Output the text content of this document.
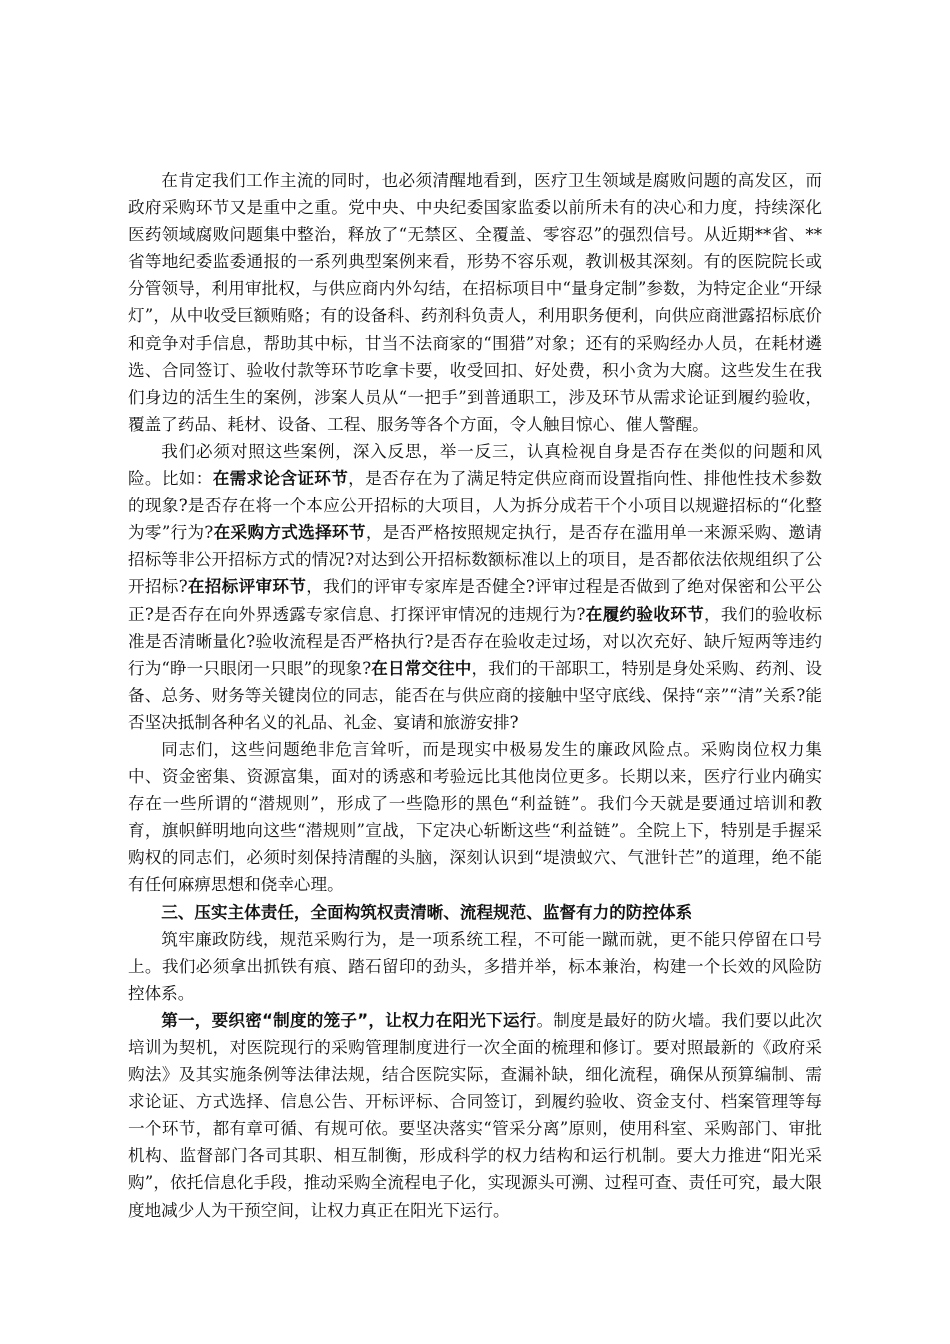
在肯定我们工作主流的同时，也必须清醒地看到，医疗卫生领域是腐败问题的高发区，而政府采购环节又是重中之重。党中央、中央纪委国家监委以前所未有的决心和力度，持续深化医药领域腐败问题集中整治，释放了“无禁区、全覆盖、零容忍”的强烈信号。从近期**省、**省等地纪委监委通报的一系列典型案例来看，形势不容乐观，教训极其深刻。有的医院院长或分管领导，利用审批权，与供应商内外勾结，在招标项目中“量身定制”参数，为特定企业“开绿灯”，从中收受巨额贿赂；有的设备科、药剂科负责人，利用职务便利，向供应商泄露招标底价和竞争对手信息，帮助其中标，甘当不法商家的“围猎”对象；还有的采购经办人员，在耗材遴选、合同签订、验收付款等环节吃拿卡要，收受回扣、好处费，积小贪为大腐。这些发生在我们身边的活生生的案例，涉案人员从“一把手”到普通职工，涉及环节从需求论证到履约验收，覆盖了药品、耗材、设备、工程、服务等各个方面，令人触目惊心、催人警醒。

我们必须对照这些案例，深入反思，举一反三，认真检视自身是否存在类似的问题和风险。比如：在需求论含证环节，是否存在为了满足特定供应商而设置指向性、排他性技术参数的现象?是否存在将一个本应公开招标的大项目，人为拆分成若干个小项目以规避招标的“化整为零”行为?在采购方式选择环节，是否严格按照规定执行，是否存在滥用单一来源采购、邀请招标等非公开招标方式的情况?对达到公开招标数额标准以上的项目，是否都依法依规组织了公开招标?在招标评审环节，我们的评审专家库是否健全?评审过程是否做到了绝对保密和公平公正?是否存在向外界透露专家信息、打探评审情况的违规行为?在履约验收环节，我们的验收标准是否清晰量化?验收流程是否严格执行?是否存在验收走过场，对以次充好、缺斤短两等违约行为“睁一只眼闭一只眼”的现象?在日常交往中，我们的干部职工，特别是身处采购、药剂、设备、总务、财务等关键岗位的同志，能否在与供应商的接触中坚守底线、保持“亲”“清”关系?能否坚决抵制各种名义的礼品、礼金、宴请和旅游安排?

同志们，这些问题绝非危言耸听，而是现实中极易发生的廉政风险点。采购岗位权力集中、资金密集、资源富集，面对的诱惑和考验远比其他岗位更多。长期以来，医疗行业内确实存在一些所谓的“潜规则”，形成了一些隐形的黑色“利益链”。我们今天就是要通过培训和教育，旗帜鲜明地向这些“潜规则”宣战，下定决心斩断这些“利益链”。全院上下，特别是手握采购权的同志们，必须时刻保持清醒的头脑，深刻认识到“堤溃蚁穴、气泄针芒”的道理，绝不能有任何麻痹思想和侥幸心理。

三、压实主体责任，全面构筑权责清晰、流程规范、监督有力的防控体系

筑牢廉政防线，规范采购行为，是一项系统工程，不可能一蹴而就，更不能只停留在口号上。我们必须拿出抓铁有痕、踏石留印的劲头，多措并举，标本兼治，构建一个长效的风险防控体系。

第一，要织密“制度的笼子”，让权力在阳光下运行。制度是最好的防火墙。我们要以此次培训为契机，对医院现行的采购管理制度进行一次全面的梳理和修订。要对照最新的《政府采购法》及其实施条例等法律法规，结合医院实际，查漏补缺，细化流程，确保从预算编制、需求论证、方式选择、信息公告、开标评标、合同签订，到履约验收、资金支付、档案管理等每一个环节，都有章可循、有规可依。要坚决落实“管采分离”原则，使用科室、采购部门、审批机构、监督部门各司其职、相互制衡，形成科学的权力结构和运行机制。要大力推进“阳光采购”，依托信息化手段，推动采购全流程电子化，实现源头可溯、过程可查、责任可究，最大限度地减少人为干预空间，让权力真正在阳光下运行。
